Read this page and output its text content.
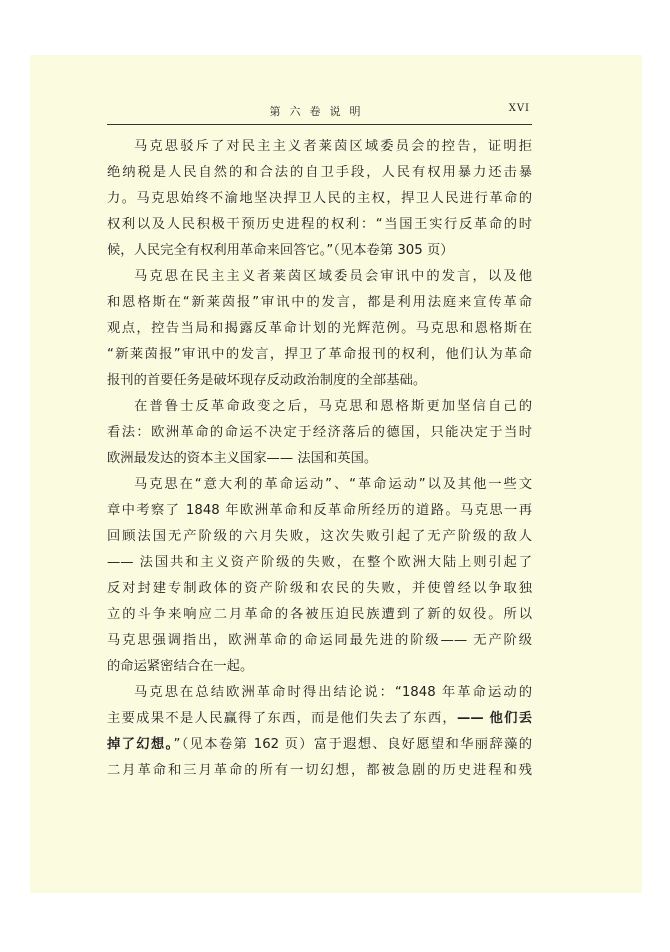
第六卷说明	XVI
马克思驳斥了对民主主义者莱茵区域委员会的控告，证明拒
绝纳税是人民自然的和合法的自卫手段，人民有权用暴力还击暴
力。马克思始终不渝地坚决捍卫人民的主权，捍卫人民进行革命的
权利以及人民积极干预历史进程的权利：“当国王实行反革命的时
候，人民完全有权利用革命来回答它。”（见本卷第 305 页）
马克思在民主主义者莱茵区域委员会审讯中的发言，以及他
和恩格斯在“新莱茵报”审讯中的发言，都是利用法庭来宣传革命
观点，控告当局和揭露反革命计划的光辉范例。马克思和恩格斯在
“新莱茵报”审讯中的发言，捍卫了革命报刊的权利，他们认为革命
报刊的首要任务是破坏现存反动政治制度的全部基础。
在普鲁士反革命政变之后，马克思和恩格斯更加坚信自己的
看法：欧洲革命的命运不决定于经济落后的德国，只能决定于当时
欧洲最发达的资本主义国家—— 法国和英国。
马克思在“意大利的革命运动”、“革命运动”以及其他一些文
章中考察了 1848 年欧洲革命和反革命所经历的道路。马克思一再
回顾法国无产阶级的六月失败，这次失败引起了无产阶级的敌人
—— 法国共和主义资产阶级的失败，在整个欧洲大陆上则引起了
反对封建专制政体的资产阶级和农民的失败，并使曾经以争取独
立的斗争来响应二月革命的各被压迫民族遭到了新的奴役。所以
马克思强调指出，欧洲革命的命运同最先进的阶级—— 无产阶级
的命运紧密结合在一起。
马克思在总结欧洲革命时得出结论说：“1848 年革命运动的
主要成果不是人民赢得了东西，而是他们失去了东西，—— 他们丢
掉了幻想。”（见本卷第 162 页）富于遐想、良好愿望和华丽辞藻的
二月革命和三月革命的所有一切幻想，都被急剧的历史进程和残
